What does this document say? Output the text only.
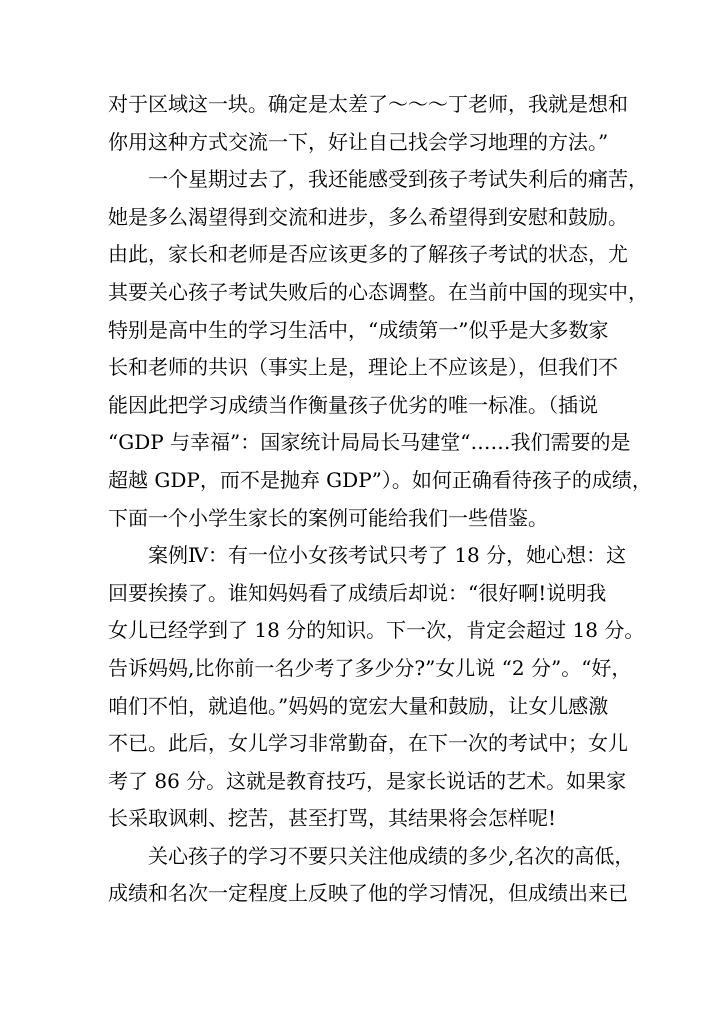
对于区域这一块。确定是太差了～～～丁老师，我就是想和
你用这种方式交流一下，好让自己找会学习地理的方法。”
一个星期过去了，我还能感受到孩子考试失利后的痛苦，
她是多么渴望得到交流和进步，多么希望得到安慰和鼓励。
由此，家长和老师是否应该更多的了解孩子考试的状态，尤
其要关心孩子考试失败后的心态调整。在当前中国的现实中，
特别是高中生的学习生活中，“成绩第一”似乎是大多数家
长和老师的共识（事实上是，理论上不应该是），但我们不
能因此把学习成绩当作衡量孩子优劣的唯一标准。（插说
“GDP 与幸福”：国家统计局局长马建堂“……我们需要的是
超越 GDP，而不是抛弃 GDP”）。如何正确看待孩子的成绩，
下面一个小学生家长的案例可能给我们一些借鉴。
案例Ⅳ：有一位小女孩考试只考了 18 分，她心想：这
回要挨揍了。谁知妈妈看了成绩后却说：“很好啊!说明我
女儿已经学到了 18 分的知识。下一次，肯定会超过 18 分。
告诉妈妈,比你前一名少考了多少分?”女儿说 “2 分”。“好，
咱们不怕，就追他。”妈妈的宽宏大量和鼓励，让女儿感激
不已。此后，女儿学习非常勤奋，在下一次的考试中；女儿
考了 86 分。这就是教育技巧，是家长说话的艺术。如果家
长采取讽刺、挖苦，甚至打骂，其结果将会怎样呢!
关心孩子的学习不要只关注他成绩的多少,名次的高低，
成绩和名次一定程度上反映了他的学习情况，但成绩出来已
